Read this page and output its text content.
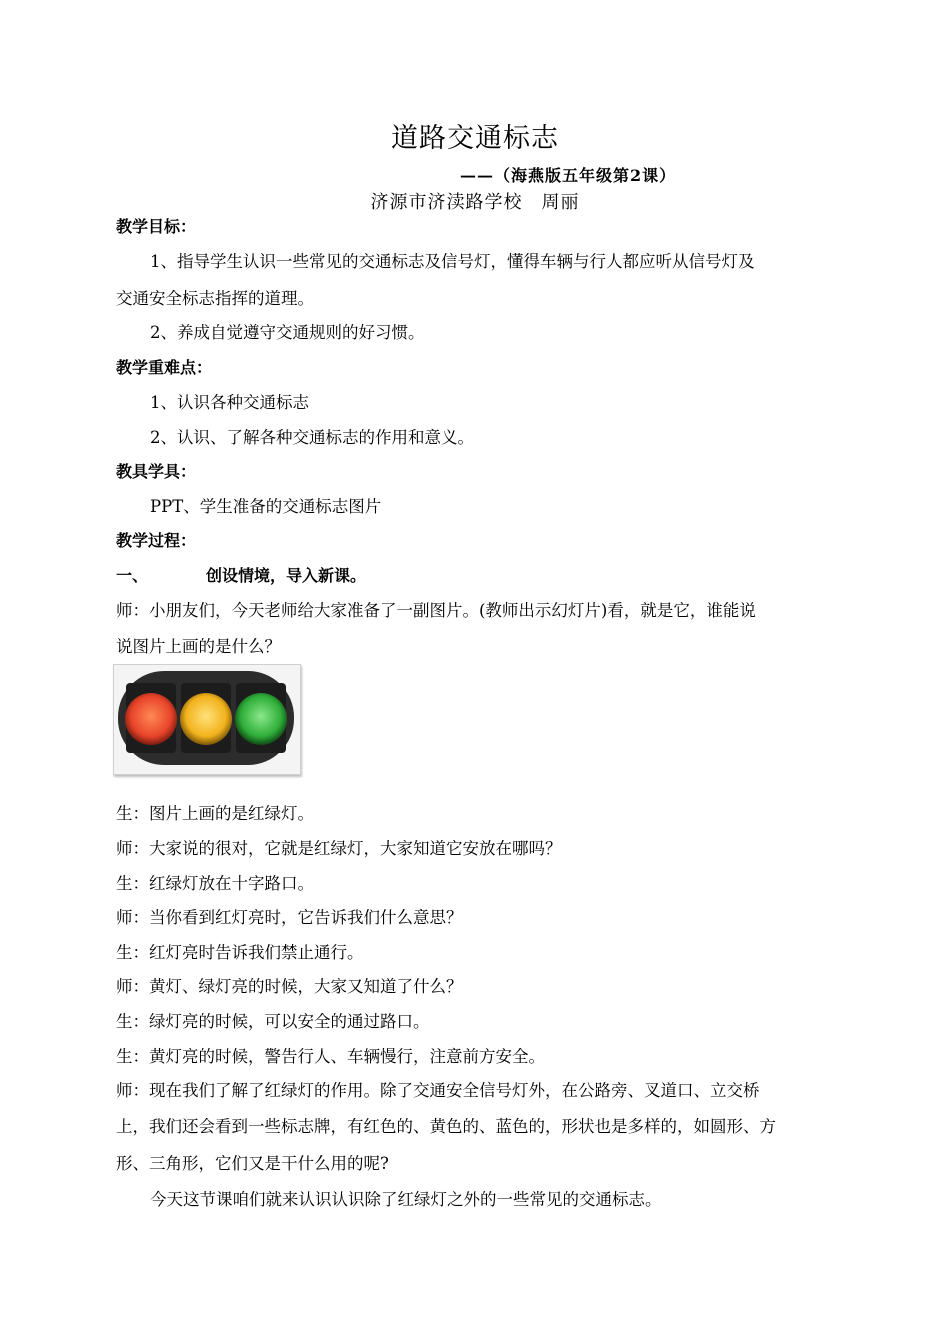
道路交通标志
——（海燕版五年级第2课）
济源市济渎路学校　周丽
教学目标：
1、指导学生认识一些常见的交通标志及信号灯，懂得车辆与行人都应听从信号灯及
交通安全标志指挥的道理。
2、养成自觉遵守交通规则的好习惯。
教学重难点：
1、认识各种交通标志
2、认识、了解各种交通标志的作用和意义。
教具学具：
PPT、学生准备的交通标志图片
教学过程：
一、	创设情境，导入新课。
师：小朋友们，今天老师给大家准备了一副图片。(教师出示幻灯片)看，就是它，谁能说
说图片上画的是什么？
生：图片上画的是红绿灯。
师：大家说的很对，它就是红绿灯，大家知道它安放在哪吗？
生：红绿灯放在十字路口。
师：当你看到红灯亮时，它告诉我们什么意思？
生：红灯亮时告诉我们禁止通行。
师：黄灯、绿灯亮的时候，大家又知道了什么？
生：绿灯亮的时候，可以安全的通过路口。
生：黄灯亮的时候，警告行人、车辆慢行，注意前方安全。
师：现在我们了解了红绿灯的作用。除了交通安全信号灯外，在公路旁、叉道口、立交桥
上，我们还会看到一些标志牌，有红色的、黄色的、蓝色的，形状也是多样的，如圆形、方
形、三角形，它们又是干什么用的呢?
今天这节课咱们就来认识认识除了红绿灯之外的一些常见的交通标志。
